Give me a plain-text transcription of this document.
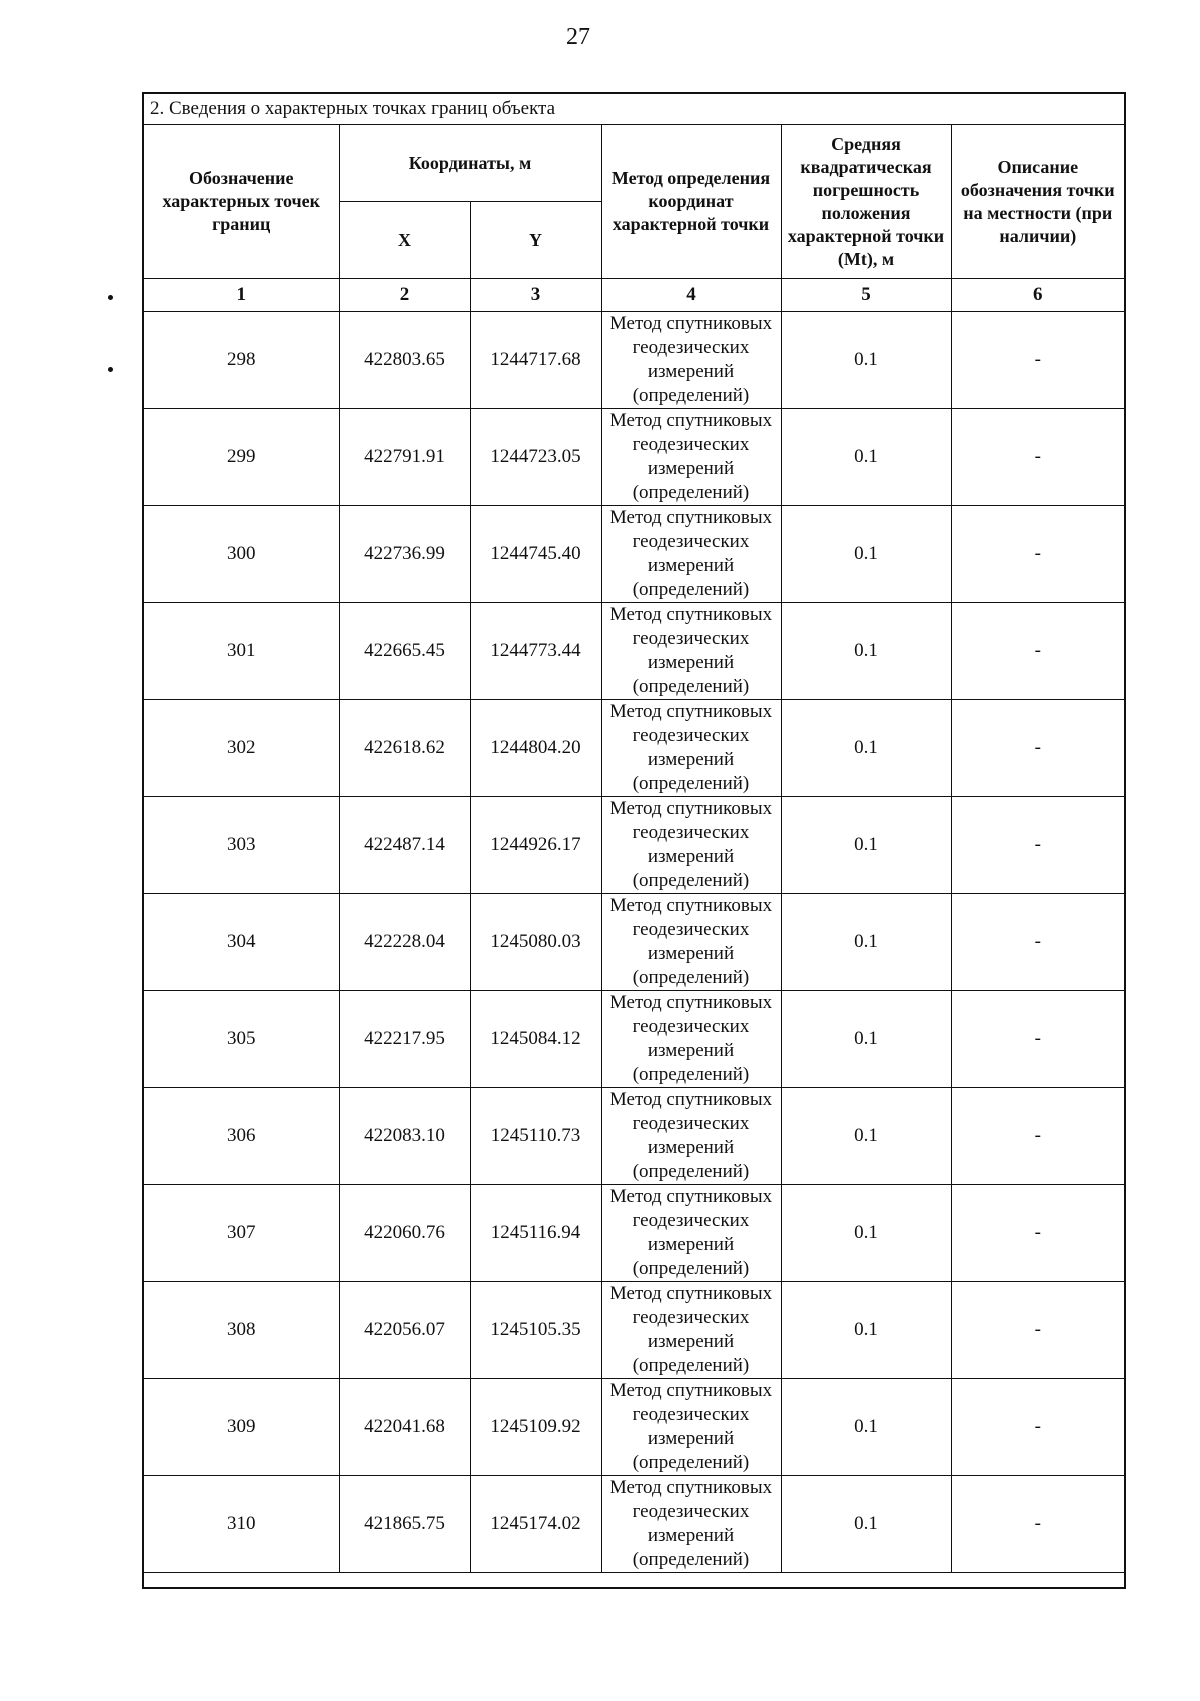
27
2. Сведения о характерных точках границ объекта					
Обозначение характерных точек границ	Координаты, м		Метод определения координат характерной точки	Средняя квадратическая погрешность положения характерной точки (Mt), м	Описание обозначения точки на местности (при наличии)
	X	Y			
1	2	3	4	5	6
298	422803.65	1244717.68	Метод спутниковых геодезических измерений (определений)	0.1	-
299	422791.91	1244723.05	Метод спутниковых геодезических измерений (определений)	0.1	-
300	422736.99	1244745.40	Метод спутниковых геодезических измерений (определений)	0.1	-
301	422665.45	1244773.44	Метод спутниковых геодезических измерений (определений)	0.1	-
302	422618.62	1244804.20	Метод спутниковых геодезических измерений (определений)	0.1	-
303	422487.14	1244926.17	Метод спутниковых геодезических измерений (определений)	0.1	-
304	422228.04	1245080.03	Метод спутниковых геодезических измерений (определений)	0.1	-
305	422217.95	1245084.12	Метод спутниковых геодезических измерений (определений)	0.1	-
306	422083.10	1245110.73	Метод спутниковых геодезических измерений (определений)	0.1	-
307	422060.76	1245116.94	Метод спутниковых геодезических измерений (определений)	0.1	-
308	422056.07	1245105.35	Метод спутниковых геодезических измерений (определений)	0.1	-
309	422041.68	1245109.92	Метод спутниковых геодезических измерений (определений)	0.1	-
310	421865.75	1245174.02	Метод спутниковых геодезических измерений (определений)	0.1	-
